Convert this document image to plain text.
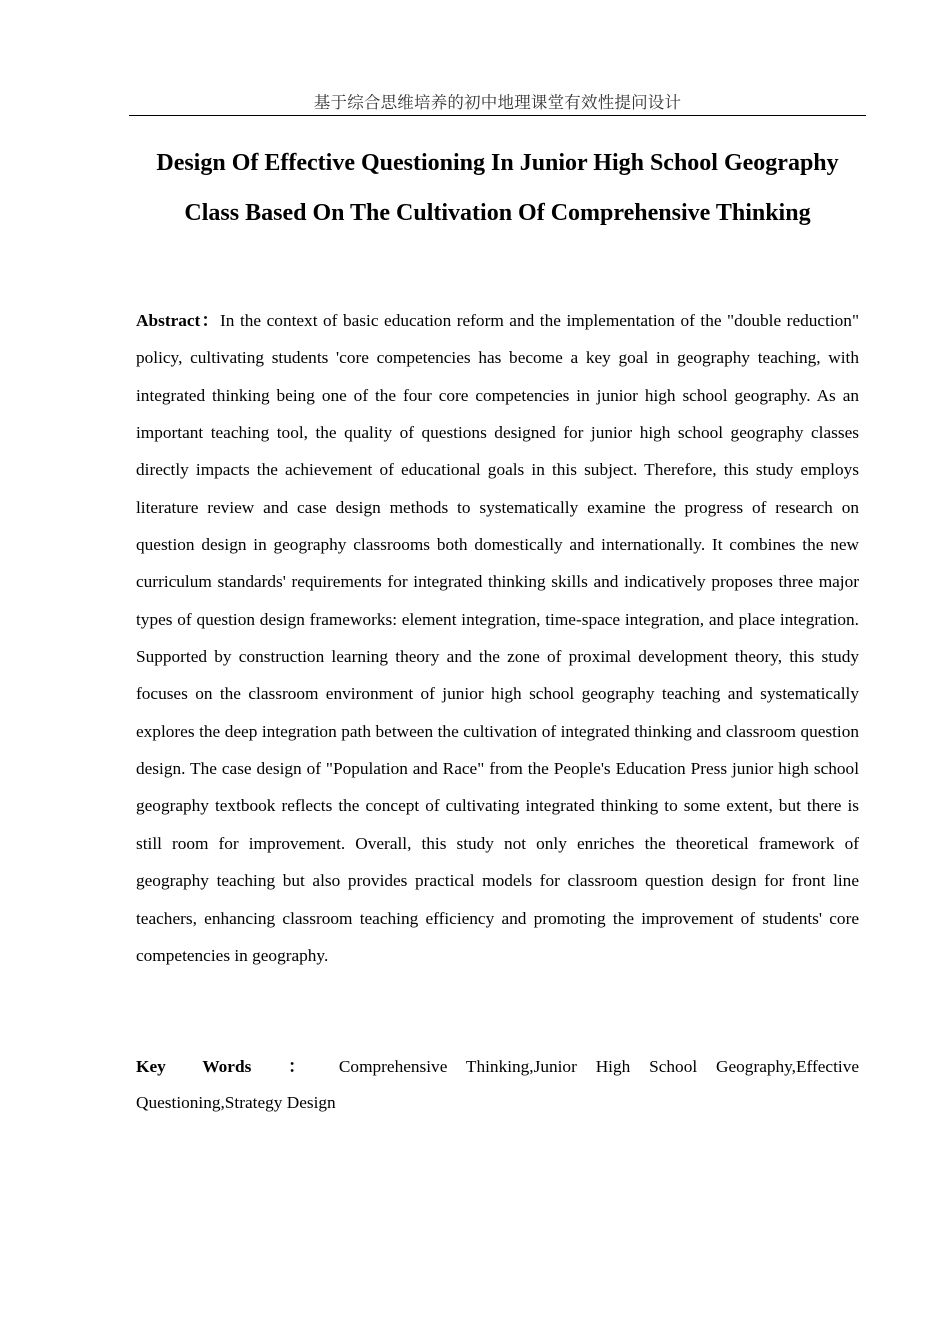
基于综合思维培养的初中地理课堂有效性提问设计
Design Of Effective Questioning In Junior High School Geography Class Based On The Cultivation Of Comprehensive Thinking

Abstract：In the context of basic education reform and the implementation of the "double reduction" policy, cultivating students 'core competencies has become a key goal in geography teaching, with integrated thinking being one of the four core competencies in junior high school geography. As an important teaching tool, the quality of questions designed for junior high school geography classes directly impacts the achievement of educational goals in this subject. Therefore, this study employs literature review and case design methods to systematically examine the progress of research on question design in geography classrooms both domestically and internationally. It combines the new curriculum standards' requirements for integrated thinking skills and indicatively proposes three major types of question design frameworks: element integration, time-space integration, and place integration. Supported by construction learning theory and the zone of proximal development theory, this study focuses on the classroom environment of junior high school geography teaching and systematically explores the deep integration path between the cultivation of integrated thinking and classroom question design. The case design of "Population and Race" from the People's Education Press junior high school geography textbook reflects the concept of cultivating integrated thinking to some extent, but there is still room for improvement. Overall, this study not only enriches the theoretical framework of geography teaching but also provides practical models for classroom question design for front line teachers, enhancing classroom teaching efficiency and promoting the improvement of students' core competencies in geography.

Key Words ： Comprehensive Thinking,Junior High School Geography,Effective Questioning,Strategy Design
